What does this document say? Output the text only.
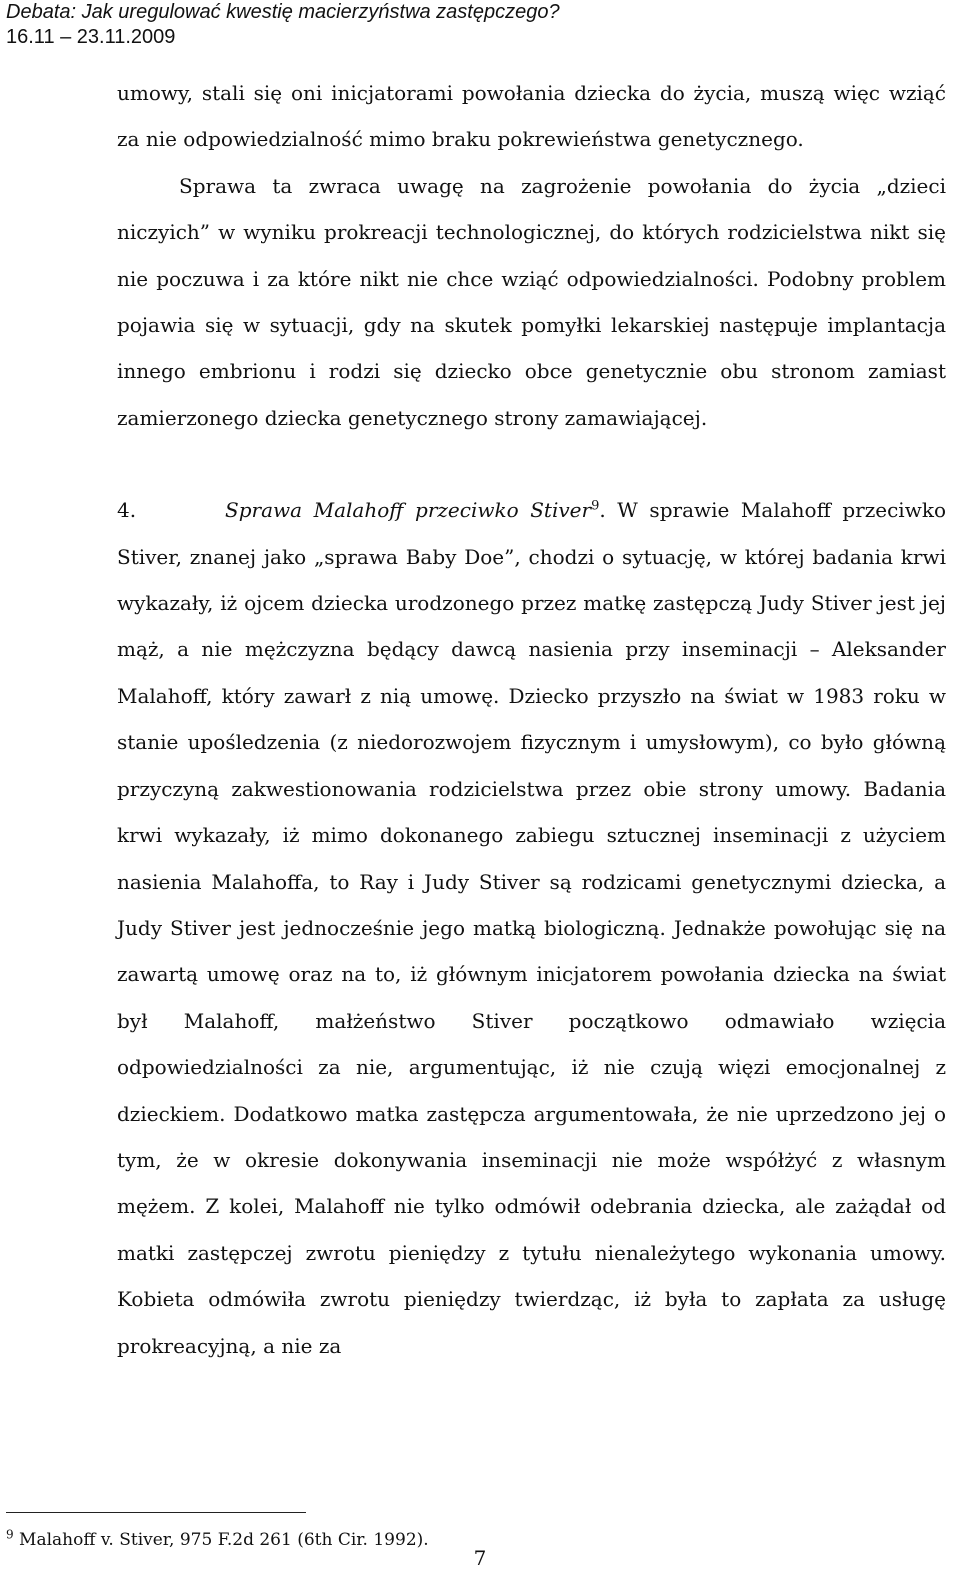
Debata: Jak uregulować kwestię macierzyństwa zastępczego?
16.11 – 23.11.2009

umowy, stali się oni inicjatorami powołania dziecka do życia, muszą więc wziąć za nie odpowiedzialność mimo braku pokrewieństwa genetycznego.

Sprawa ta zwraca uwagę na zagrożenie powołania do życia „dzieci niczyich” w wyniku prokreacji technologicznej, do których rodzicielstwa nikt się nie poczuwa i za które nikt nie chce wziąć odpowiedzialności. Podobny problem pojawia się w sytuacji, gdy na skutek pomyłki lekarskiej następuje implantacja innego embrionu i rodzi się dziecko obce genetycznie obu stronom zamiast zamierzonego dziecka genetycznego strony zamawiającej.

4.	Sprawa Malahoff przeciwko Stiver$^9$. W sprawie Malahoff przeciwko Stiver, znanej jako „sprawa Baby Doe”, chodzi o sytuację, w której badania krwi wykazały, iż ojcem dziecka urodzonego przez matkę zastępczą Judy Stiver jest jej mąż, a nie mężczyzna będący dawcą nasienia przy inseminacji – Aleksander Malahoff, który zawarł z nią umowę. Dziecko przyszło na świat w 1983 roku w stanie upośledzenia (z niedorozwojem fizycznym i umysłowym), co było główną przyczyną zakwestionowania rodzicielstwa przez obie strony umowy. Badania krwi wykazały, iż mimo dokonanego zabiegu sztucznej inseminacji z użyciem nasienia Malahoffa, to Ray i Judy Stiver są rodzicami genetycznymi dziecka, a Judy Stiver jest jednocześnie jego matką biologiczną. Jednakże powołując się na zawartą umowę oraz na to, iż głównym inicjatorem powołania dziecka na świat był Malahoff, małżeństwo Stiver początkowo odmawiało wzięcia odpowiedzialności za nie, argumentując, iż nie czują więzi emocjonalnej z dzieckiem. Dodatkowo matka zastępcza argumentowała, że nie uprzedzono jej o tym, że w okresie dokonywania inseminacji nie może współżyć z własnym mężem. Z kolei, Malahoff nie tylko odmówił odebrania dziecka, ale zażądał od matki zastępczej zwrotu pieniędzy z tytułu nienależytego wykonania umowy. Kobieta odmówiła zwrotu pieniędzy twierdząc, iż była to zapłata za usługę prokreacyjną, a nie za

$^9$ Malahoff v. Stiver, 975 F.2d 261 (6th Cir. 1992).
7
